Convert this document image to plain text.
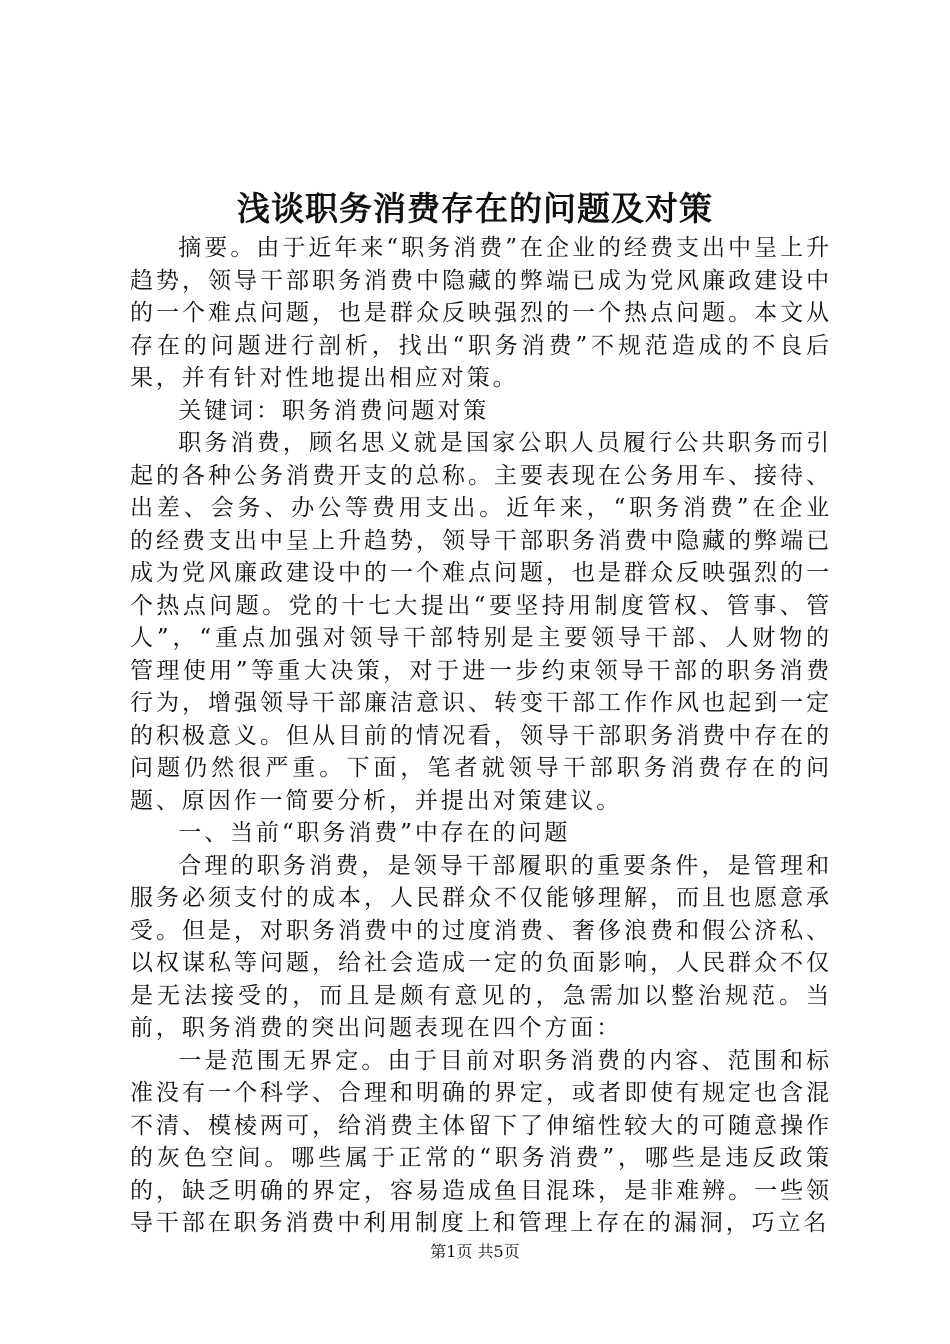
浅谈职务消费存在的问题及对策

摘要。由于近年来“职务消费”在企业的经费支出中呈上升趋势，领导干部职务消费中隐藏的弊端已成为党风廉政建设中的一个难点问题，也是群众反映强烈的一个热点问题。本文从存在的问题进行剖析，找出“职务消费”不规范造成的不良后果，并有针对性地提出相应对策。

关键词：职务消费问题对策

职务消费，顾名思义就是国家公职人员履行公共职务而引起的各种公务消费开支的总称。主要表现在公务用车、接待、出差、会务、办公等费用支出。近年来，“职务消费”在企业的经费支出中呈上升趋势，领导干部职务消费中隐藏的弊端已成为党风廉政建设中的一个难点问题，也是群众反映强烈的一个热点问题。党的十七大提出“要坚持用制度管权、管事、管人”，“重点加强对领导干部特别是主要领导干部、人财物的管理使用”等重大决策，对于进一步约束领导干部的职务消费行为，增强领导干部廉洁意识、转变干部工作作风也起到一定的积极意义。但从目前的情况看，领导干部职务消费中存在的问题仍然很严重。下面，笔者就领导干部职务消费存在的问题、原因作一简要分析，并提出对策建议。

一、当前“职务消费”中存在的问题

合理的职务消费，是领导干部履职的重要条件，是管理和服务必须支付的成本，人民群众不仅能够理解，而且也愿意承受。但是，对职务消费中的过度消费、奢侈浪费和假公济私、以权谋私等问题，给社会造成一定的负面影响，人民群众不仅是无法接受的，而且是颇有意见的，急需加以整治规范。当前，职务消费的突出问题表现在四个方面：

一是范围无界定。由于目前对职务消费的内容、范围和标准没有一个科学、合理和明确的界定，或者即使有规定也含混不清、模棱两可，给消费主体留下了伸缩性较大的可随意操作的灰色空间。哪些属于正常的“职务消费”，哪些是违反政策的，缺乏明确的界定，容易造成鱼目混珠，是非难辨。一些领导干部在职务消费中利用制度上和管理上存在的漏洞，巧立名

第1页 共5页
